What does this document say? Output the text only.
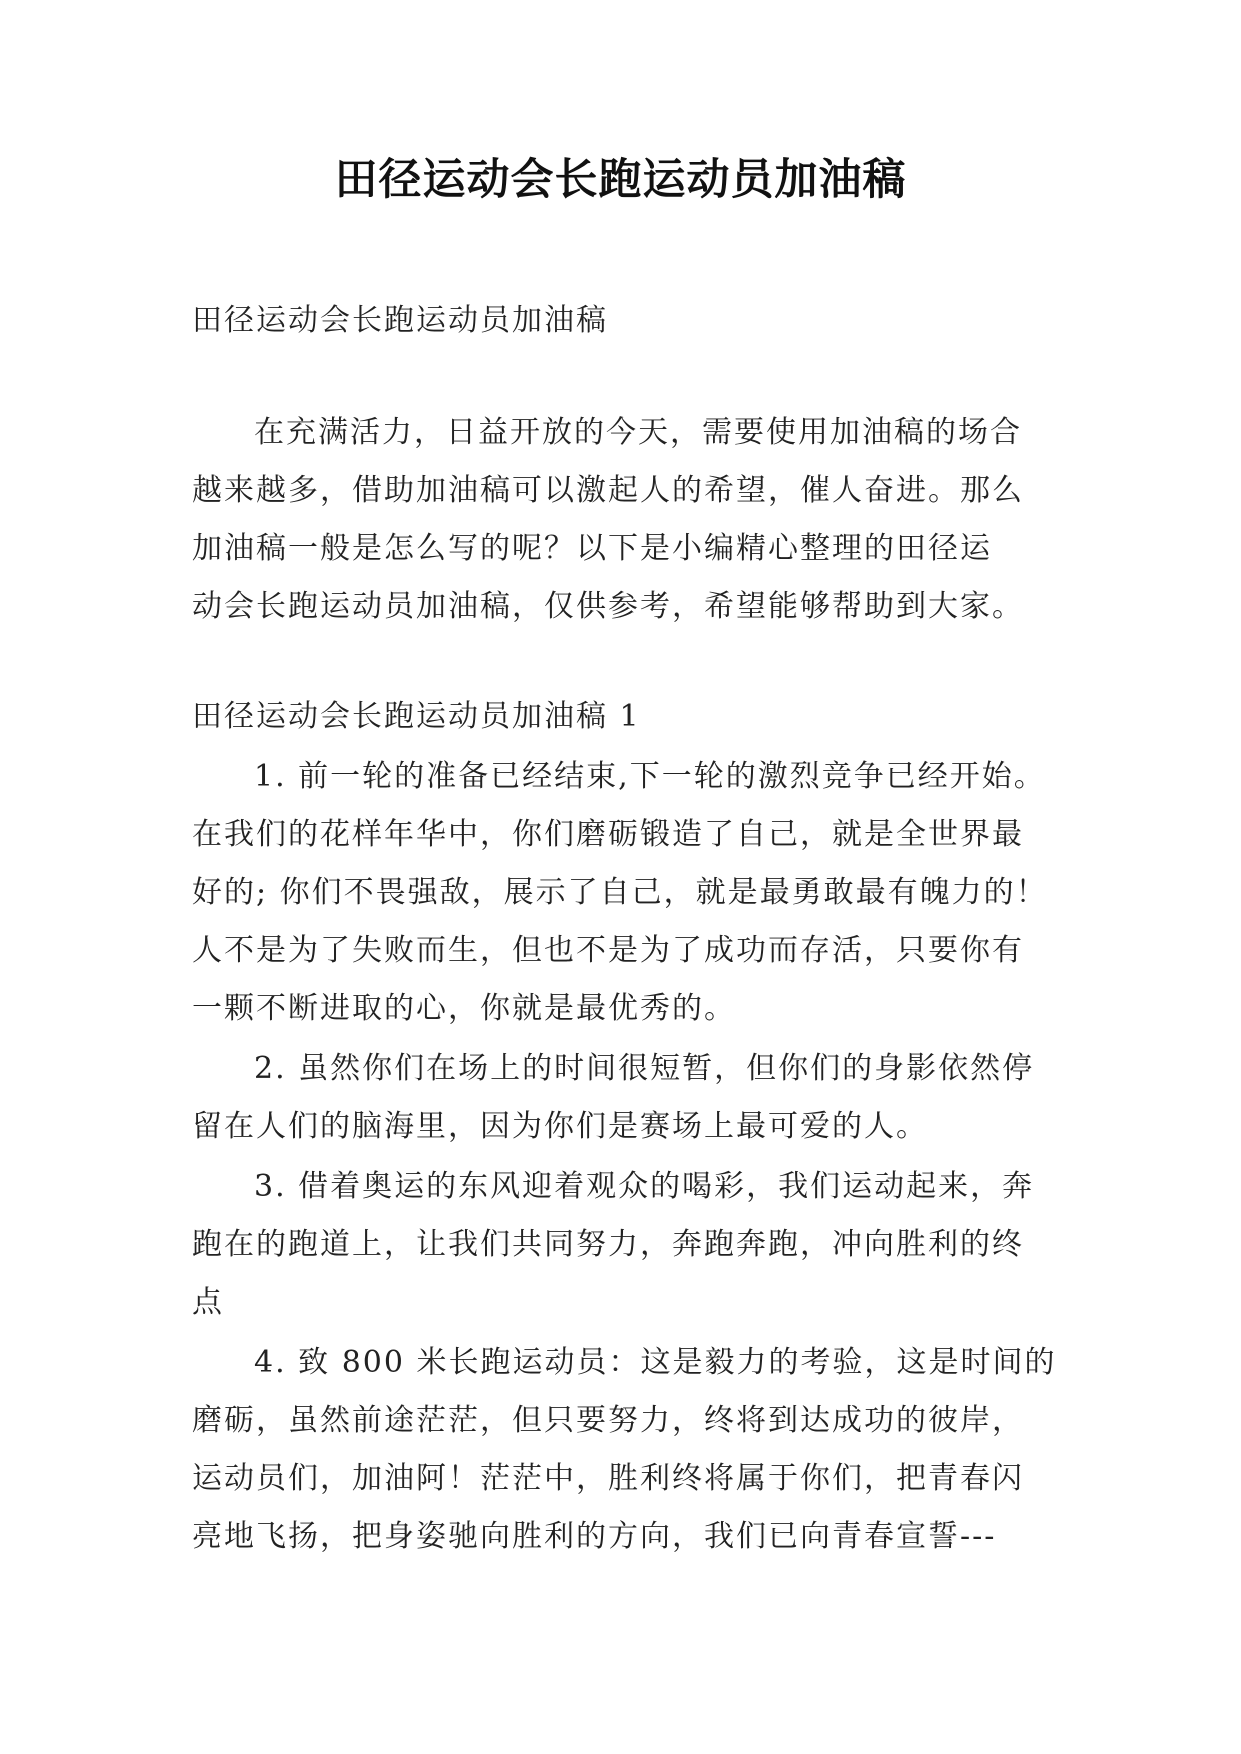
田径运动会长跑运动员加油稿

田径运动会长跑运动员加油稿

在充满活力，日益开放的今天，需要使用加油稿的场合
越来越多，借助加油稿可以激起人的希望，催人奋进。那么
加油稿一般是怎么写的呢？以下是小编精心整理的田径运
动会长跑运动员加油稿，仅供参考，希望能够帮助到大家。

田径运动会长跑运动员加油稿 1

1. 前一轮的准备已经结束,下一轮的激烈竞争已经开始。
在我们的花样年华中，你们磨砺锻造了自己，就是全世界最
好的; 你们不畏强敌，展示了自己，就是最勇敢最有魄力的！
人不是为了失败而生，但也不是为了成功而存活，只要你有
一颗不断进取的心，你就是最优秀的。

2. 虽然你们在场上的时间很短暂，但你们的身影依然停
留在人们的脑海里，因为你们是赛场上最可爱的人。

3. 借着奥运的东风迎着观众的喝彩，我们运动起来，奔
跑在的跑道上，让我们共同努力，奔跑奔跑，冲向胜利的终
点

4. 致 800 米长跑运动员：这是毅力的考验，这是时间的
磨砺，虽然前途茫茫，但只要努力，终将到达成功的彼岸，
运动员们，加油阿！茫茫中，胜利终将属于你们，把青春闪
亮地飞扬，把身姿驰向胜利的方向，我们已向青春宣誓---
